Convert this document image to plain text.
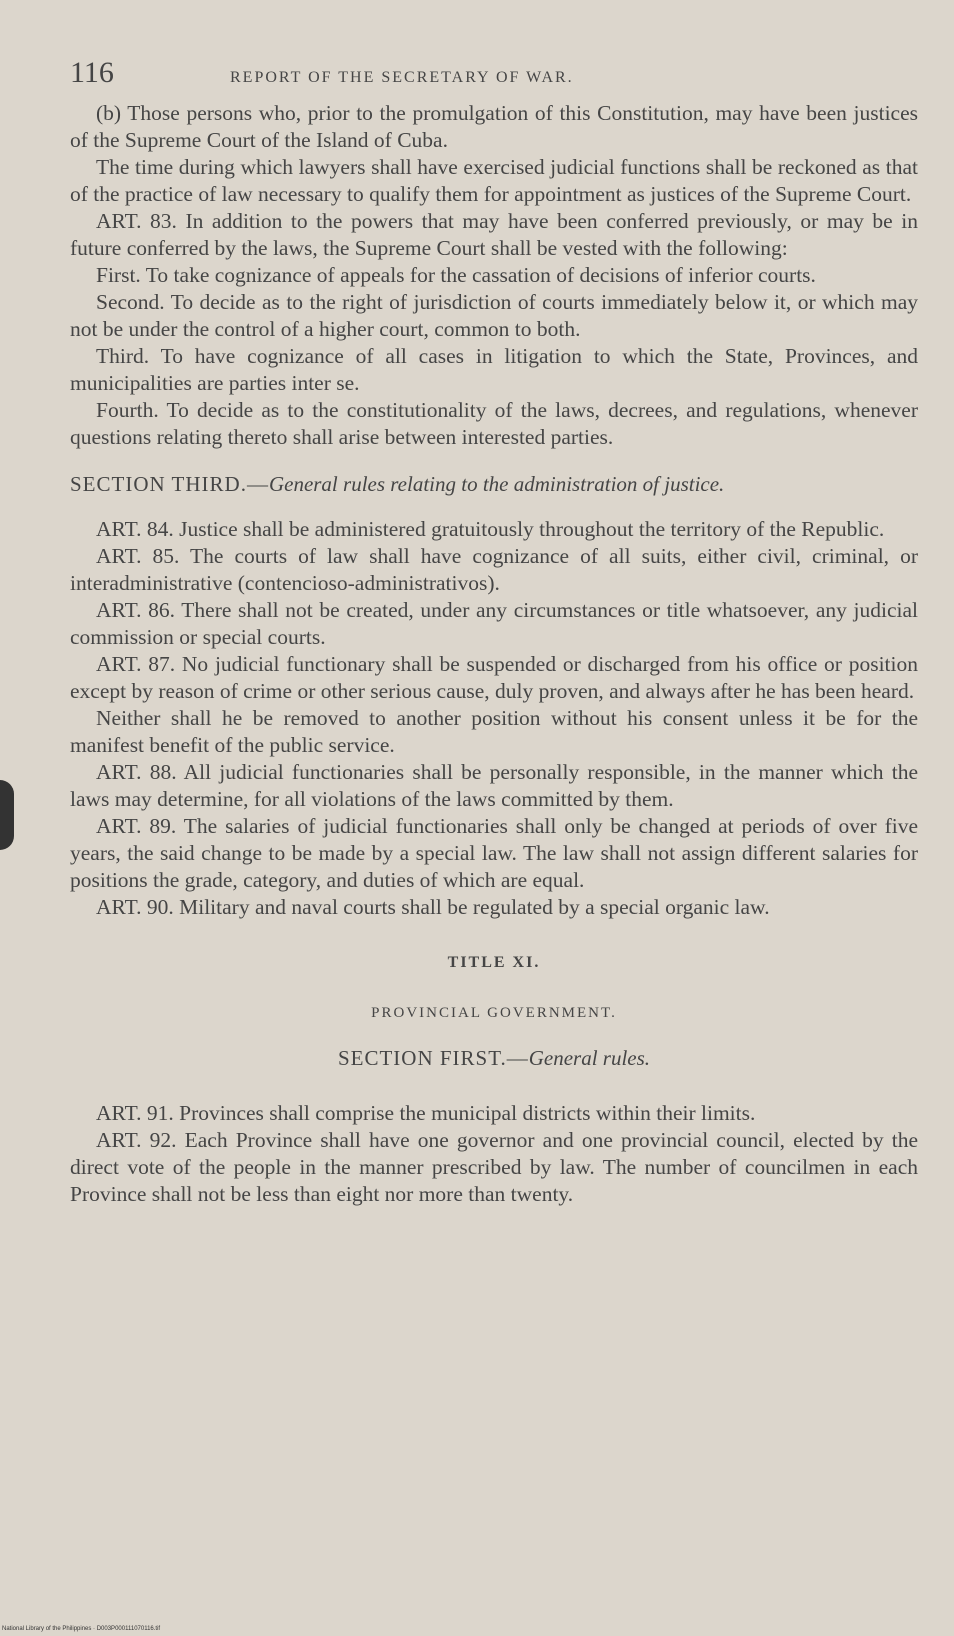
116	REPORT OF THE SECRETARY OF WAR.

(b) Those persons who, prior to the promulgation of this Constitution, may have been justices of the Supreme Court of the Island of Cuba.

The time during which lawyers shall have exercised judicial functions shall be reckoned as that of the practice of law necessary to qualify them for appointment as justices of the Supreme Court.

ART. 83. In addition to the powers that may have been conferred previously, or may be in future conferred by the laws, the Supreme Court shall be vested with the following:

First. To take cognizance of appeals for the cassation of decisions of inferior courts.

Second. To decide as to the right of jurisdiction of courts immediately below it, or which may not be under the control of a higher court, common to both.

Third. To have cognizance of all cases in litigation to which the State, Provinces, and municipalities are parties inter se.

Fourth. To decide as to the constitutionality of the laws, decrees, and regulations, whenever questions relating thereto shall arise between interested parties.

SECTION THIRD.—General rules relating to the administration of justice.

ART. 84. Justice shall be administered gratuitously throughout the territory of the Republic.

ART. 85. The courts of law shall have cognizance of all suits, either civil, criminal, or interadministrative (contencioso-administrativos).

ART. 86. There shall not be created, under any circumstances or title whatsoever, any judicial commission or special courts.

ART. 87. No judicial functionary shall be suspended or discharged from his office or position except by reason of crime or other serious cause, duly proven, and always after he has been heard.

Neither shall he be removed to another position without his consent unless it be for the manifest benefit of the public service.

ART. 88. All judicial functionaries shall be personally responsible, in the manner which the laws may determine, for all violations of the laws committed by them.

ART. 89. The salaries of judicial functionaries shall only be changed at periods of over five years, the said change to be made by a special law. The law shall not assign different salaries for positions the grade, category, and duties of which are equal.

ART. 90. Military and naval courts shall be regulated by a special organic law.

TITLE XI.

PROVINCIAL GOVERNMENT.

SECTION FIRST.—General rules.

ART. 91. Provinces shall comprise the municipal districts within their limits.

ART. 92. Each Province shall have one governor and one provincial council, elected by the direct vote of the people in the manner prescribed by law. The number of councilmen in each Province shall not be less than eight nor more than twenty.

National Library of the Philippines · D003P000111070116.tif
